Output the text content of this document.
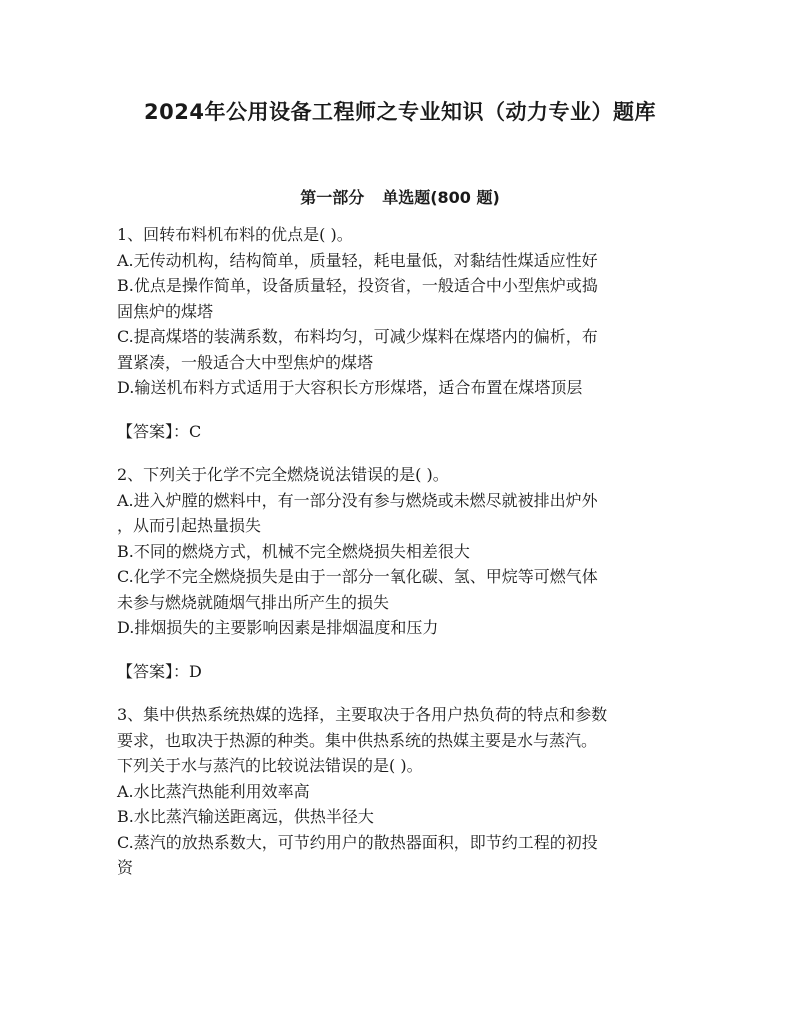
2024年公用设备工程师之专业知识（动力专业）题库
第一部分 单选题(800 题)
1、回转布料机布料的优点是( )。
A.无传动机构，结构简单，质量轻，耗电量低，对黏结性煤适应性好
B.优点是操作简单，设备质量轻，投资省，一般适合中小型焦炉或捣
固焦炉的煤塔
C.提高煤塔的装满系数，布料均匀，可减少煤料在煤塔内的偏析，布
置紧凑，一般适合大中型焦炉的煤塔
D.输送机布料方式适用于大容积长方形煤塔，适合布置在煤塔顶层
【答案】：C
2、下列关于化学不完全燃烧说法错误的是( )。
A.进入炉膛的燃料中，有一部分没有参与燃烧或未燃尽就被排出炉外
，从而引起热量损失
B.不同的燃烧方式，机械不完全燃烧损失相差很大
C.化学不完全燃烧损失是由于一部分一氧化碳、氢、甲烷等可燃气体
未参与燃烧就随烟气排出所产生的损失
D.排烟损失的主要影响因素是排烟温度和压力
【答案】：D
3、集中供热系统热媒的选择，主要取决于各用户热负荷的特点和参数
要求，也取决于热源的种类。集中供热系统的热媒主要是水与蒸汽。
下列关于水与蒸汽的比较说法错误的是( )。
A.水比蒸汽热能利用效率高
B.水比蒸汽输送距离远，供热半径大
C.蒸汽的放热系数大，可节约用户的散热器面积，即节约工程的初投
资
